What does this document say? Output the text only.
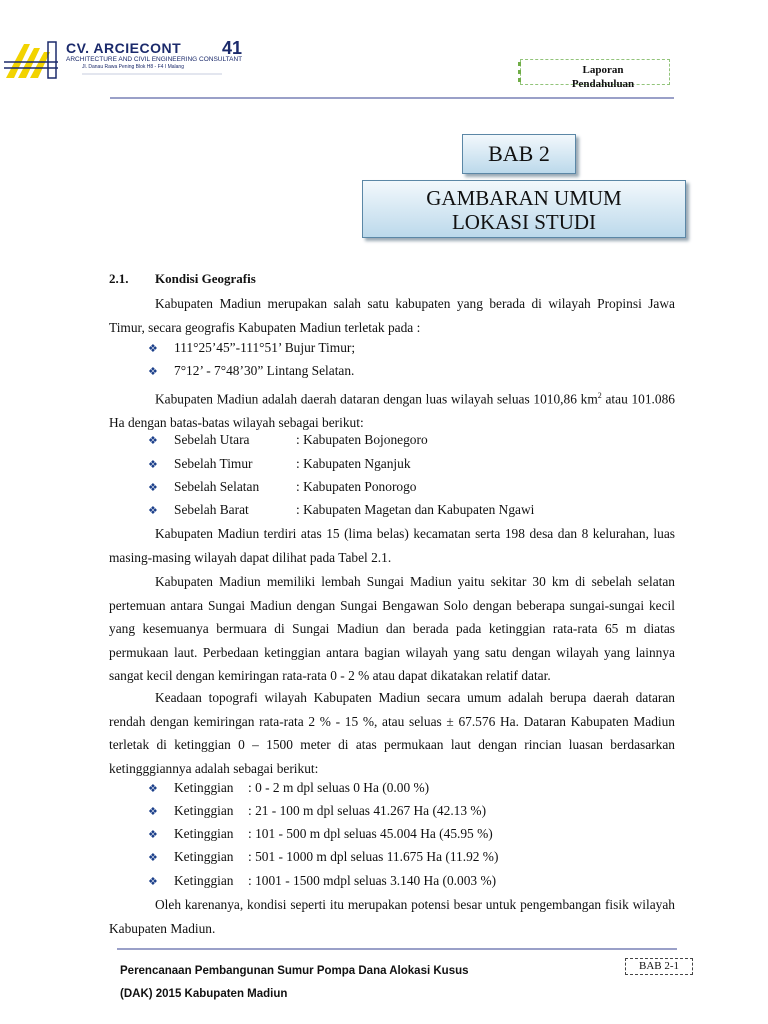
CV. ARCIECONT 41
ARCHITECTURE AND CIVIL ENGINEERING CONSULTANT
Jl. Danau Rawa Pening Blok H8 - F4 I Malang	Laporan
Pendahuluan
BAB 2
GAMBARAN UMUM
LOKASI STUDI
2.1. Kondisi Geografis
Kabupaten Madiun merupakan salah satu kabupaten yang berada di wilayah Propinsi Jawa Timur, secara geografis Kabupaten Madiun terletak pada :
❖ 111°25’45”-111°51’ Bujur Timur;
❖ 7°12’ - 7°48’30” Lintang Selatan.
Kabupaten Madiun adalah daerah dataran dengan luas wilayah seluas 1010,86 $km^2$ atau 101.086 Ha dengan batas-batas wilayah sebagai berikut:
❖ Sebelah Utara	: Kabupaten Bojonegoro
❖ Sebelah Timur	: Kabupaten Nganjuk
❖ Sebelah Selatan	: Kabupaten Ponorogo
❖ Sebelah Barat	: Kabupaten Magetan dan Kabupaten Ngawi
Kabupaten Madiun terdiri atas 15 (lima belas) kecamatan serta 198 desa dan 8 kelurahan, luas masing-masing wilayah dapat dilihat pada Tabel 2.1.
Kabupaten Madiun memiliki lembah Sungai Madiun yaitu sekitar 30 km di sebelah selatan pertemuan antara Sungai Madiun dengan Sungai Bengawan Solo dengan beberapa sungai-sungai kecil yang kesemuanya bermuara di Sungai Madiun dan berada pada ketinggian rata-rata 65 m diatas permukaan laut. Perbedaan ketinggian antara bagian wilayah yang satu dengan wilayah yang lainnya sangat kecil dengan kemiringan rata-rata 0 - 2 % atau dapat dikatakan relatif datar.
Keadaan topografi wilayah Kabupaten Madiun secara umum adalah berupa daerah dataran rendah dengan kemiringan rata-rata 2 % - 15 %, atau seluas ± 67.576 Ha. Dataran Kabupaten Madiun terletak di ketinggian 0 – 1500 meter di atas permukaan laut dengan rincian luasan berdasarkan ketingggiannya adalah sebagai berikut:
❖ Ketinggian : 0 - 2 m dpl seluas 0 Ha (0.00 %)
❖ Ketinggian : 21 - 100 m dpl seluas 41.267 Ha (42.13 %)
❖ Ketinggian : 101 - 500 m dpl seluas 45.004 Ha (45.95 %)
❖ Ketinggian : 501 - 1000 m dpl seluas 11.675 Ha (11.92 %)
❖ Ketinggian : 1001 - 1500 mdpl seluas 3.140 Ha (0.003 %)
Oleh karenanya, kondisi seperti itu merupakan potensi besar untuk pengembangan fisik wilayah Kabupaten Madiun.
Perencanaan Pembangunan Sumur Pompa Dana Alokasi Kusus
(DAK) 2015 Kabupaten Madiun
BAB 2-1
